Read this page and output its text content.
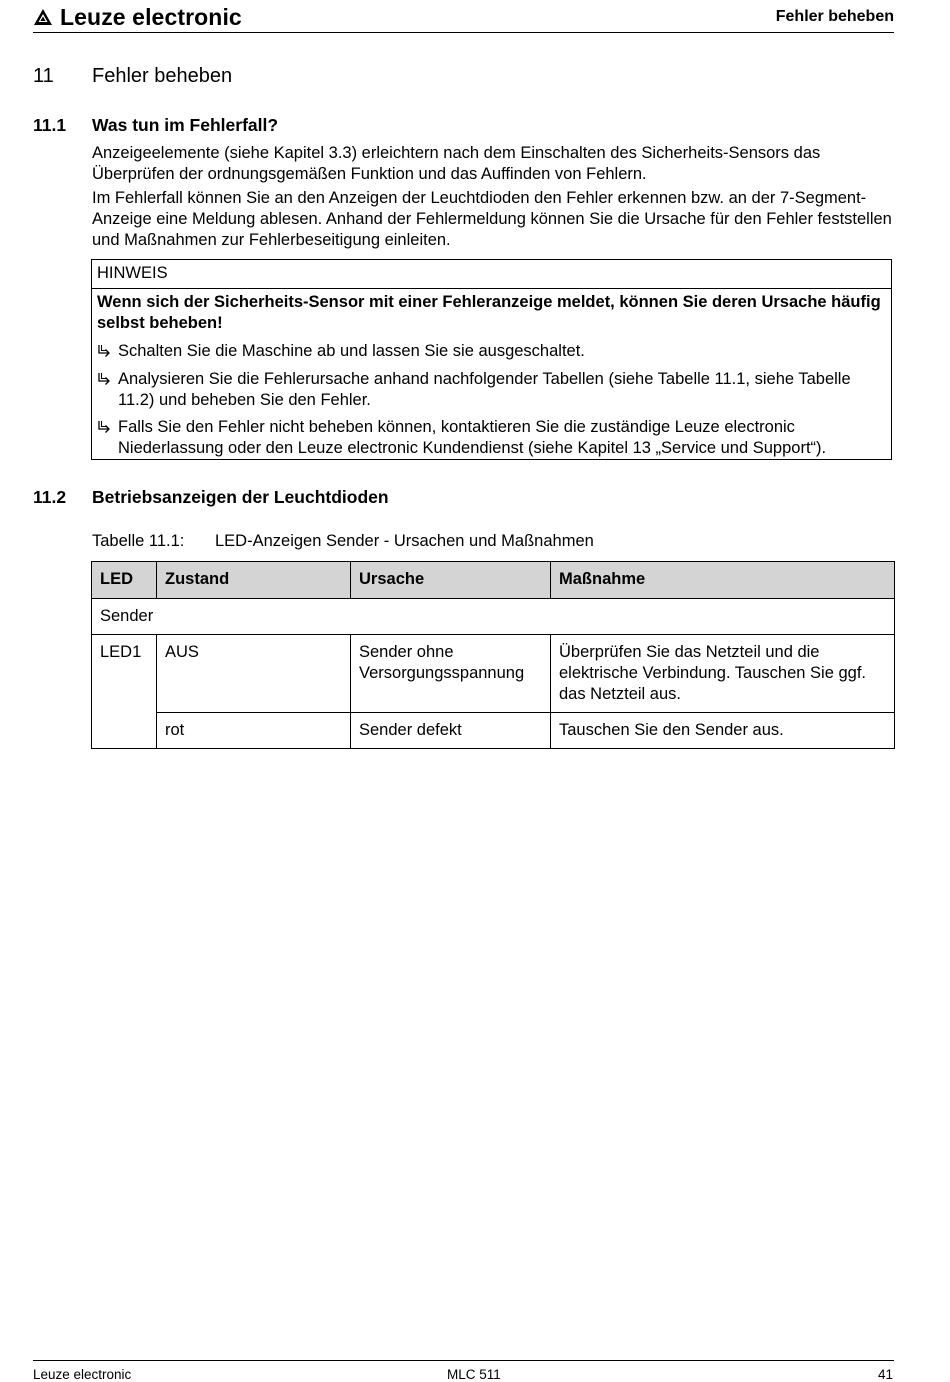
Leuze electronic	Fehler beheben
11 Fehler beheben
11.1 Was tun im Fehlerfall?
Anzeigeelemente (siehe Kapitel 3.3) erleichtern nach dem Einschalten des Sicherheits-Sensors das Überprüfen der ordnungsgemäßen Funktion und das Auffinden von Fehlern.
Im Fehlerfall können Sie an den Anzeigen der Leuchtdioden den Fehler erkennen bzw. an der 7-Segment-Anzeige eine Meldung ablesen. Anhand der Fehlermeldung können Sie die Ursache für den Fehler feststellen und Maßnahmen zur Fehlerbeseitigung einleiten.
HINWEIS
Wenn sich der Sicherheits-Sensor mit einer Fehleranzeige meldet, können Sie deren Ursache häufig selbst beheben!
Schalten Sie die Maschine ab und lassen Sie sie ausgeschaltet.
Analysieren Sie die Fehlerursache anhand nachfolgender Tabellen (siehe Tabelle 11.1, siehe Tabelle 11.2) und beheben Sie den Fehler.
Falls Sie den Fehler nicht beheben können, kontaktieren Sie die zuständige Leuze electronic Niederlassung oder den Leuze electronic Kundendienst (siehe Kapitel 13 „Service und Support“).
11.2 Betriebsanzeigen der Leuchtdioden
Tabelle 11.1: LED-Anzeigen Sender - Ursachen und Maßnahmen
LED	Zustand	Ursache	Maßnahme
Sender			
LED1	AUS	Sender ohne Versorgungsspannung	Überprüfen Sie das Netzteil und die elektrische Verbindung. Tauschen Sie ggf. das Netzteil aus.
	rot	Sender defekt	Tauschen Sie den Sender aus.
Leuze electronic	MLC 511	41
